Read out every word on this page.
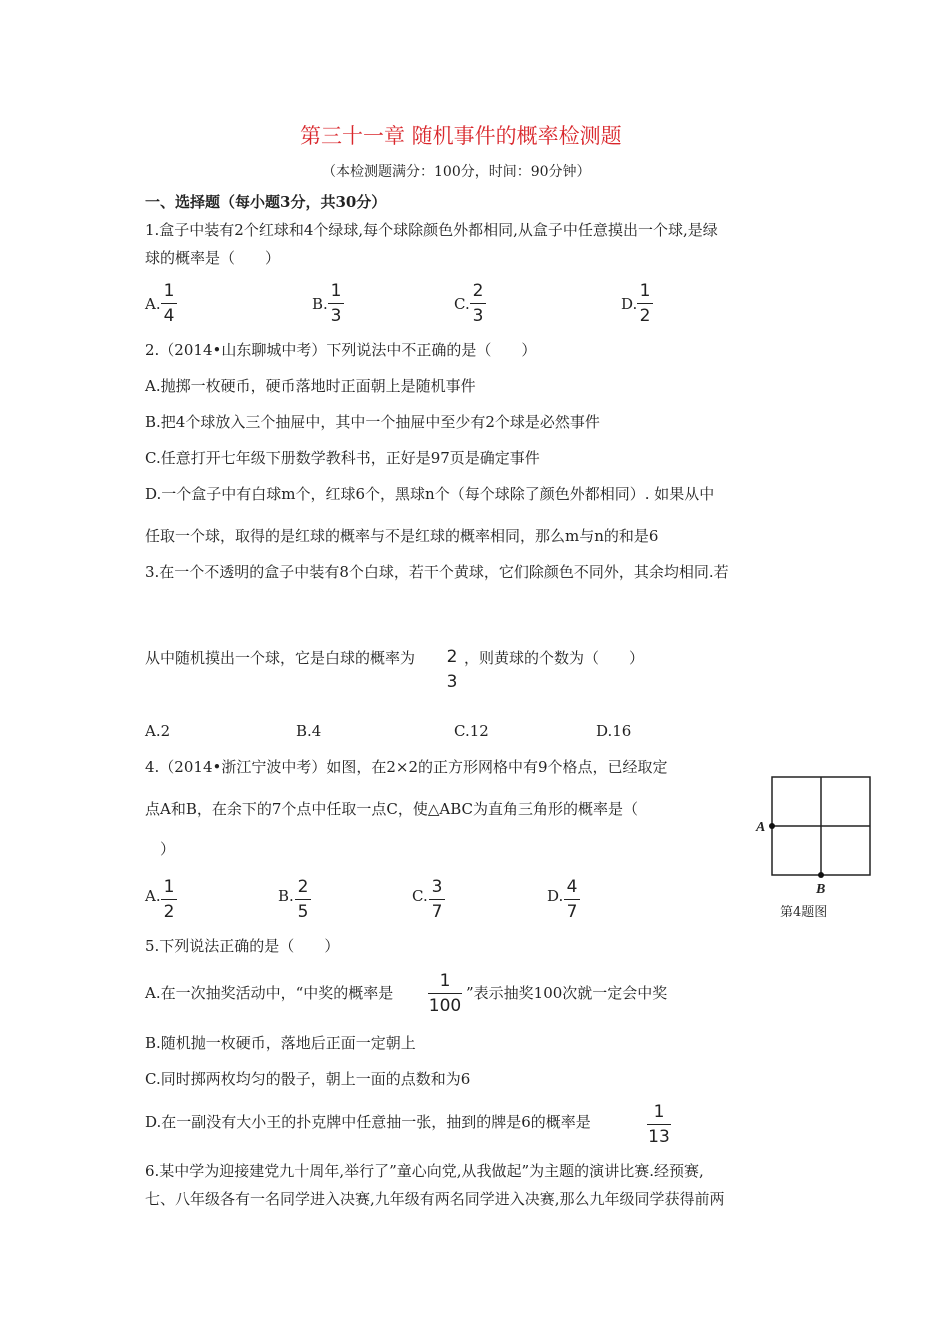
第三十一章 随机事件的概率检测题
（本检测题满分：100分，时间：90分钟）
一、选择题（每小题3分，共30分）
1.盒子中装有2个红球和4个绿球,每个球除颜色外都相同,从盒子中任意摸出一个球,是绿
球的概率是（　　）
A.
1
4
B.
1
3
C.
2
3
D.
1
2
2.（2014•山东聊城中考）下列说法中不正确的是（　　）
A.抛掷一枚硬币，硬币落地时正面朝上是随机事件
B.把4个球放入三个抽屉中，其中一个抽屉中至少有2个球是必然事件
C.任意打开七年级下册数学教科书，正好是97页是确定事件
D.一个盒子中有白球m个，红球6个，黑球n个（每个球除了颜色外都相同）. 如果从中
任取一个球，取得的是红球的概率与不是红球的概率相同，那么m与n的和是6
3.在一个不透明的盒子中装有8个白球，若干个黄球，它们除颜色不同外，其余均相同.若
从中随机摸出一个球，它是白球的概率为 2
3
，则黄球的个数为（　　）
A.2	B.4	C.12	D.16
4.（2014•浙江宁波中考）如图，在2×2的正方形网格中有9个格点，已经取定
点A和B，在余下的7个点中任取一点C，使△ABC为直角三角形的概率是（
）
A. 1
2
B. 2
5
C. 3
7
D. 4
7
A
B
第4题图
5.下列说法正确的是（　　）
A.在一次抽奖活动中，“中奖的概率是
1
100
”表示抽奖100次就一定会中奖
B.随机抛一枚硬币，落地后正面一定朝上
C.同时掷两枚均匀的骰子，朝上一面的点数和为6
D.在一副没有大小王的扑克牌中任意抽一张，抽到的牌是6的概率是	1
13
6.某中学为迎接建党九十周年,举行了”童心向党,从我做起”为主题的演讲比赛.经预赛,
七、八年级各有一名同学进入决赛,九年级有两名同学进入决赛,那么九年级同学获得前两
